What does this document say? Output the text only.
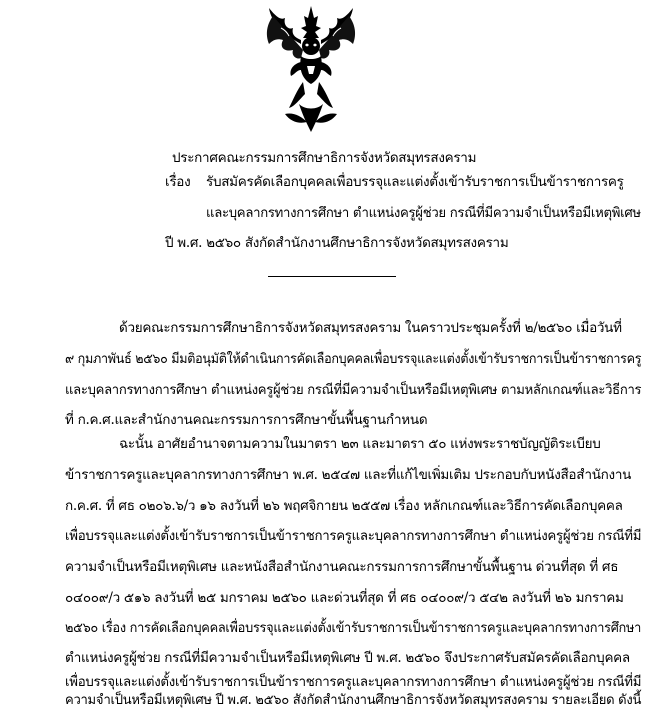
ประกาศคณะกรรมการศึกษาธิการจังหวัดสมุทรสงคราม
เรื่อง รับสมัครคัดเลือกบุคคลเพื่อบรรจุและแต่งตั้งเข้ารับราชการเป็นข้าราชการครู
และบุคลากรทางการศึกษา ตำแหน่งครูผู้ช่วย กรณีที่มีความจำเป็นหรือมีเหตุพิเศษ
ปี พ.ศ. ๒๕๖๐ สังกัดสำนักงานศึกษาธิการจังหวัดสมุทรสงคราม
ด้วยคณะกรรมการศึกษาธิการจังหวัดสมุทรสงคราม ในคราวประชุมครั้งที่ ๒/๒๕๖๐ เมื่อวันที่
๙ กุมภาพันธ์ ๒๕๖๐ มีมติอนุมัติให้ดำเนินการคัดเลือกบุคคลเพื่อบรรจุและแต่งตั้งเข้ารับราชการเป็นข้าราชการครู
และบุคลากรทางการศึกษา ตำแหน่งครูผู้ช่วย กรณีที่มีความจำเป็นหรือมีเหตุพิเศษ ตามหลักเกณฑ์และวิธีการ
ที่ ก.ค.ศ.และสำนักงานคณะกรรมการการศึกษาขั้นพื้นฐานกำหนด
ฉะนั้น อาศัยอำนาจตามความในมาตรา ๒๓ และมาตรา ๕๐ แห่งพระราชบัญญัติระเบียบ
ข้าราชการครูและบุคลากรทางการศึกษา พ.ศ. ๒๕๔๗ และที่แก้ไขเพิ่มเติม ประกอบกับหนังสือสำนักงาน
ก.ค.ศ. ที่ ศธ ๐๒๐๖.๖/ว ๑๖ ลงวันที่ ๒๖ พฤศจิกายน ๒๕๕๗ เรื่อง หลักเกณฑ์และวิธีการคัดเลือกบุคคล
เพื่อบรรจุและแต่งตั้งเข้ารับราชการเป็นข้าราชการครูและบุคลากรทางการศึกษา ตำแหน่งครูผู้ช่วย กรณีที่มี
ความจำเป็นหรือมีเหตุพิเศษ และหนังสือสำนักงานคณะกรรมการการศึกษาขั้นพื้นฐาน ด่วนที่สุด ที่ ศธ
๐๔๐๐๙/ว ๕๑๖ ลงวันที่ ๒๕ มกราคม ๒๕๖๐ และด่วนที่สุด ที่ ศธ ๐๔๐๐๙/ว ๕๔๒ ลงวันที่ ๒๖ มกราคม
๒๕๖๐ เรื่อง การคัดเลือกบุคคลเพื่อบรรจุและแต่งตั้งเข้ารับราชการเป็นข้าราชการครูและบุคลากรทางการศึกษา
ตำแหน่งครูผู้ช่วย กรณีที่มีความจำเป็นหรือมีเหตุพิเศษ ปี พ.ศ. ๒๕๖๐ จึงประกาศรับสมัครคัดเลือกบุคคล
เพื่อบรรจุและแต่งตั้งเข้ารับราชการเป็นข้าราชการครูและบุคลากรทางการศึกษา ตำแหน่งครูผู้ช่วย กรณีที่มี
ความจำเป็นหรือมีเหตุพิเศษ ปี พ.ศ. ๒๕๖๐ สังกัดสำนักงานศึกษาธิการจังหวัดสมุทรสงคราม รายละเอียด ดังนี้
